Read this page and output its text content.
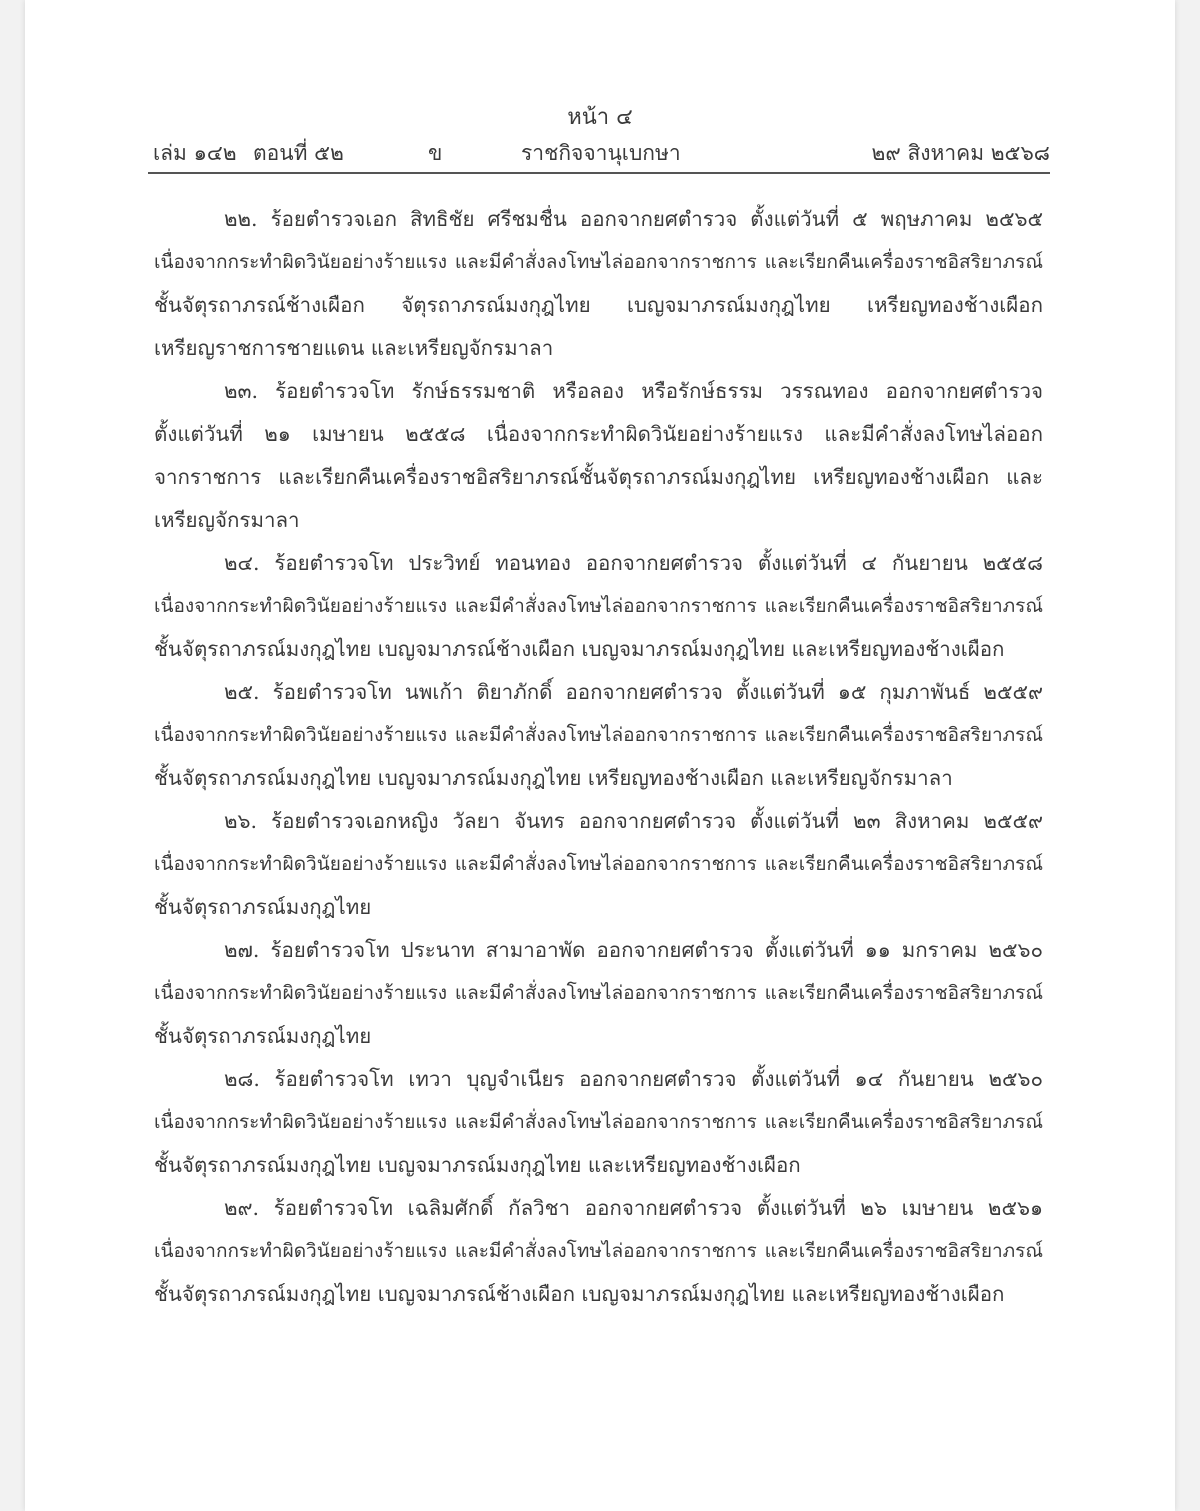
หน้า ๔
เล่ม ๑๔๒ ตอนที่ ๕๒	ข	ราชกิจจานุเบกษา	๒๙ สิงหาคม ๒๕๖๘

๒๒. ร้อยตำรวจเอก สิทธิชัย ศรีชมชื่น ออกจากยศตำรวจ ตั้งแต่วันที่ ๕ พฤษภาคม ๒๕๖๕

เนื่องจากกระทำผิดวินัยอย่างร้ายแรง และมีคำสั่งลงโทษไล่ออกจากราชการ และเรียกคืนเครื่องราชอิสริยาภรณ์

ชั้นจัตุรถาภรณ์ช้างเผือก จัตุรถาภรณ์มงกุฎไทย เบญจมาภรณ์มงกุฎไทย เหรียญทองช้างเผือก

เหรียญราชการชายแดน และเหรียญจักรมาลา

๒๓. ร้อยตำรวจโท รักษ์ธรรมชาติ หรือลอง หรือรักษ์ธรรม วรรณทอง ออกจากยศตำรวจ

ตั้งแต่วันที่ ๒๑ เมษายน ๒๕๕๘ เนื่องจากกระทำผิดวินัยอย่างร้ายแรง และมีคำสั่งลงโทษไล่ออก

จากราชการ และเรียกคืนเครื่องราชอิสริยาภรณ์ชั้นจัตุรถาภรณ์มงกุฎไทย เหรียญทองช้างเผือก และ

เหรียญจักรมาลา

๒๔. ร้อยตำรวจโท ประวิทย์ ทอนทอง ออกจากยศตำรวจ ตั้งแต่วันที่ ๔ กันยายน ๒๕๕๘

เนื่องจากกระทำผิดวินัยอย่างร้ายแรง และมีคำสั่งลงโทษไล่ออกจากราชการ และเรียกคืนเครื่องราชอิสริยาภรณ์

ชั้นจัตุรถาภรณ์มงกุฎไทย เบญจมาภรณ์ช้างเผือก เบญจมาภรณ์มงกุฎไทย และเหรียญทองช้างเผือก

๒๕. ร้อยตำรวจโท นพเก้า ติยาภักดิ์ ออกจากยศตำรวจ ตั้งแต่วันที่ ๑๕ กุมภาพันธ์ ๒๕๕๙

เนื่องจากกระทำผิดวินัยอย่างร้ายแรง และมีคำสั่งลงโทษไล่ออกจากราชการ และเรียกคืนเครื่องราชอิสริยาภรณ์

ชั้นจัตุรถาภรณ์มงกุฎไทย เบญจมาภรณ์มงกุฎไทย เหรียญทองช้างเผือก และเหรียญจักรมาลา

๒๖. ร้อยตำรวจเอกหญิง วัลยา จันทร ออกจากยศตำรวจ ตั้งแต่วันที่ ๒๓ สิงหาคม ๒๕๕๙

เนื่องจากกระทำผิดวินัยอย่างร้ายแรง และมีคำสั่งลงโทษไล่ออกจากราชการ และเรียกคืนเครื่องราชอิสริยาภรณ์

ชั้นจัตุรถาภรณ์มงกุฎไทย

๒๗. ร้อยตำรวจโท ประนาท สามาอาพัด ออกจากยศตำรวจ ตั้งแต่วันที่ ๑๑ มกราคม ๒๕๖๐

เนื่องจากกระทำผิดวินัยอย่างร้ายแรง และมีคำสั่งลงโทษไล่ออกจากราชการ และเรียกคืนเครื่องราชอิสริยาภรณ์

ชั้นจัตุรถาภรณ์มงกุฎไทย

๒๘. ร้อยตำรวจโท เทวา บุญจำเนียร ออกจากยศตำรวจ ตั้งแต่วันที่ ๑๔ กันยายน ๒๕๖๐

เนื่องจากกระทำผิดวินัยอย่างร้ายแรง และมีคำสั่งลงโทษไล่ออกจากราชการ และเรียกคืนเครื่องราชอิสริยาภรณ์

ชั้นจัตุรถาภรณ์มงกุฎไทย เบญจมาภรณ์มงกุฎไทย และเหรียญทองช้างเผือก

๒๙. ร้อยตำรวจโท เฉลิมศักดิ์ กัลวิชา ออกจากยศตำรวจ ตั้งแต่วันที่ ๒๖ เมษายน ๒๕๖๑

เนื่องจากกระทำผิดวินัยอย่างร้ายแรง และมีคำสั่งลงโทษไล่ออกจากราชการ และเรียกคืนเครื่องราชอิสริยาภรณ์

ชั้นจัตุรถาภรณ์มงกุฎไทย เบญจมาภรณ์ช้างเผือก เบญจมาภรณ์มงกุฎไทย และเหรียญทองช้างเผือก
